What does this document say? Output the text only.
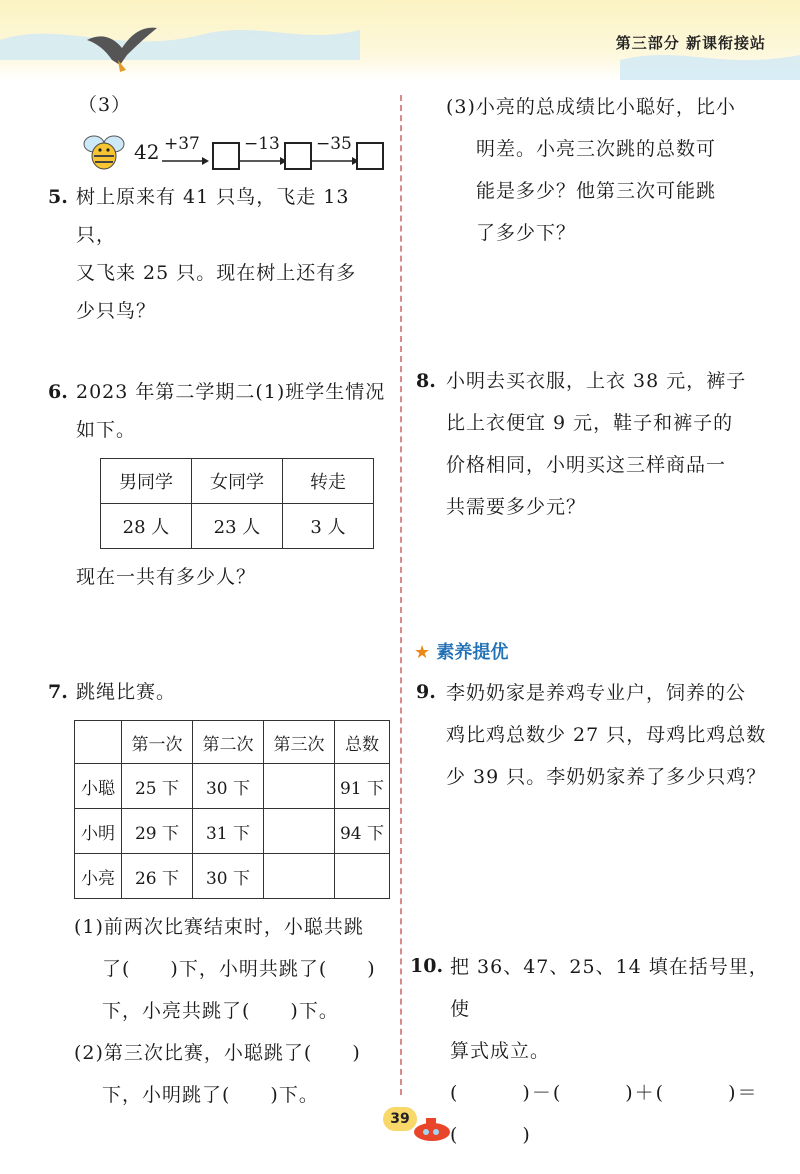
第三部分 新课衔接站
（3）
42 +37	−13 −35
5. 树上原来有 41 只鸟，飞走 13 只，
又飞来 25 只。现在树上还有多
少只鸟？
6. 2023 年第二学期二(1)班学生情况
如下。
男同学	女同学	转走
28 人	23 人	3 人
现在一共有多少人？
7. 跳绳比赛。
	第一次	第二次	第三次	总数
小聪	25 下	30 下		91 下
小明	29 下	31 下		94 下
小亮	26 下	30 下		
(1)前两次比赛结束时，小聪共跳
了(　　)下，小明共跳了(　　)
下，小亮共跳了(　　)下。
(2)第三次比赛，小聪跳了(　　)
下，小明跳了(　　)下。
(3)小亮的总成绩比小聪好，比小
明差。小亮三次跳的总数可
能是多少？他第三次可能跳
了多少下？
8. 小明去买衣服，上衣 38 元，裤子
比上衣便宜 9 元，鞋子和裤子的
价格相同，小明买这三样商品一
共需要多少元？
★ 素养提优
9. 李奶奶家是养鸡专业户，饲养的公
鸡比鸡总数少 27 只，母鸡比鸡总数
少 39 只。李奶奶家养了多少只鸡？
10. 把 36、47、25、14 填在括号里，使
算式成立。
(　　　)－(　　　)＋(　　　)＝
(　　　)
39
